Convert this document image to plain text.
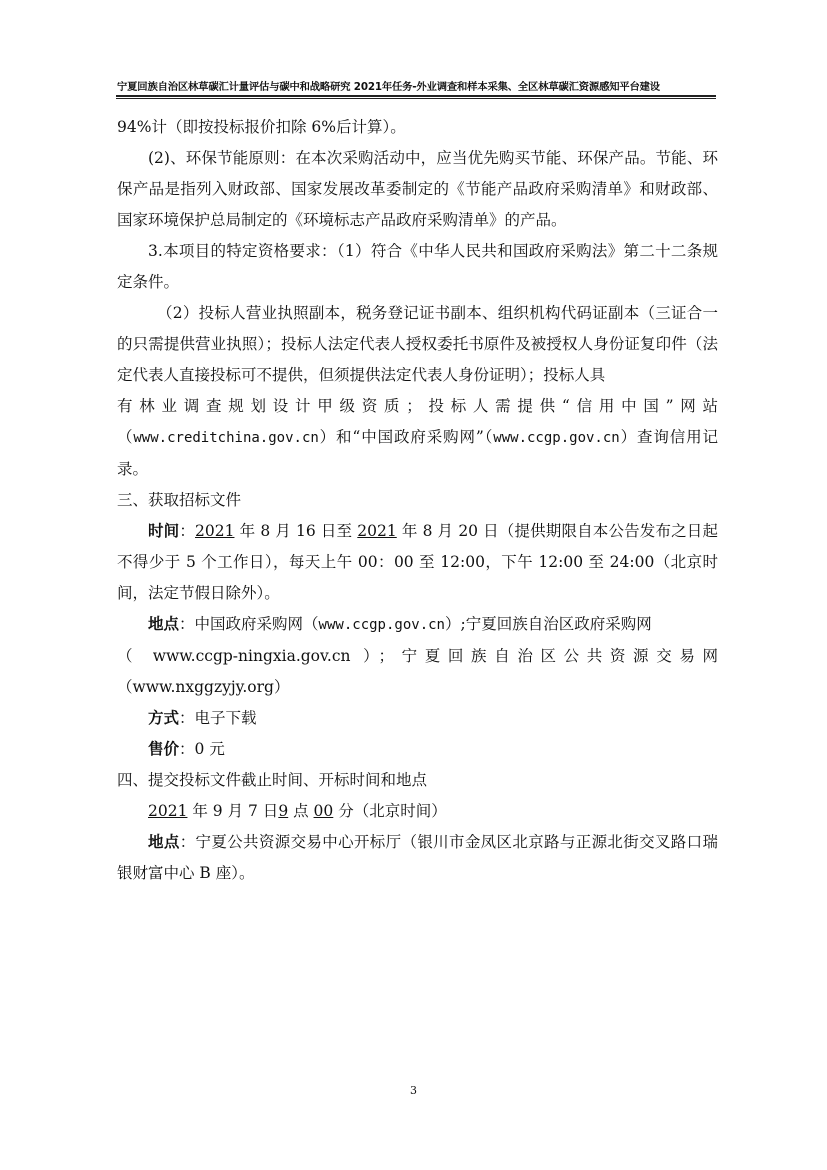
宁夏回族自治区林草碳汇计量评估与碳中和战略研究 2021年任务-外业调查和样本采集、全区林草碳汇资源感知平台建设

94%计（即按投标报价扣除 6%后计算）。

(2)、环保节能原则：在本次采购活动中，应当优先购买节能、环保产品。节能、环保产品是指列入财政部、国家发展改革委制定的《节能产品政府采购清单》和财政部、国家环境保护总局制定的《环境标志产品政府采购清单》的产品。

3.本项目的特定资格要求：（1）符合《中华人民共和国政府采购法》第二十二条规定条件。

（2）投标人营业执照副本，税务登记证书副本、组织机构代码证副本（三证合一的只需提供营业执照）；投标人法定代表人授权委托书原件及被授权人身份证复印件（法定代表人直接投标可不提供，但须提供法定代表人身份证明）；投标人具

有林业调查规划设计甲级资质；投标人需提供“信用中国”网站

（www.creditchina.gov.cn）和“中国政府采购网”（www.ccgp.gov.cn）查询信用记录。

三、获取招标文件

时间：2021 年 8 月 16 日至 2021 年 8 月 20 日（提供期限自本公告发布之日起不得少于 5 个工作日），每天上午 00：00 至 12:00，下午 12:00 至 24:00（北京时间，法定节假日除外）。

地点：中国政府采购网（www.ccgp.gov.cn）;宁夏回族自治区政府采购网

（ www.ccgp-ningxia.gov.cn ）；宁夏回族自治区公共资源交易网

（www.nxggzyjy.org）

方式：电子下载

售价：0 元

四、提交投标文件截止时间、开标时间和地点

2021 年 9 月 7 日9 点 00 分（北京时间）

地点：宁夏公共资源交易中心开标厅（银川市金凤区北京路与正源北街交叉路口瑞银财富中心 B 座）。

3
